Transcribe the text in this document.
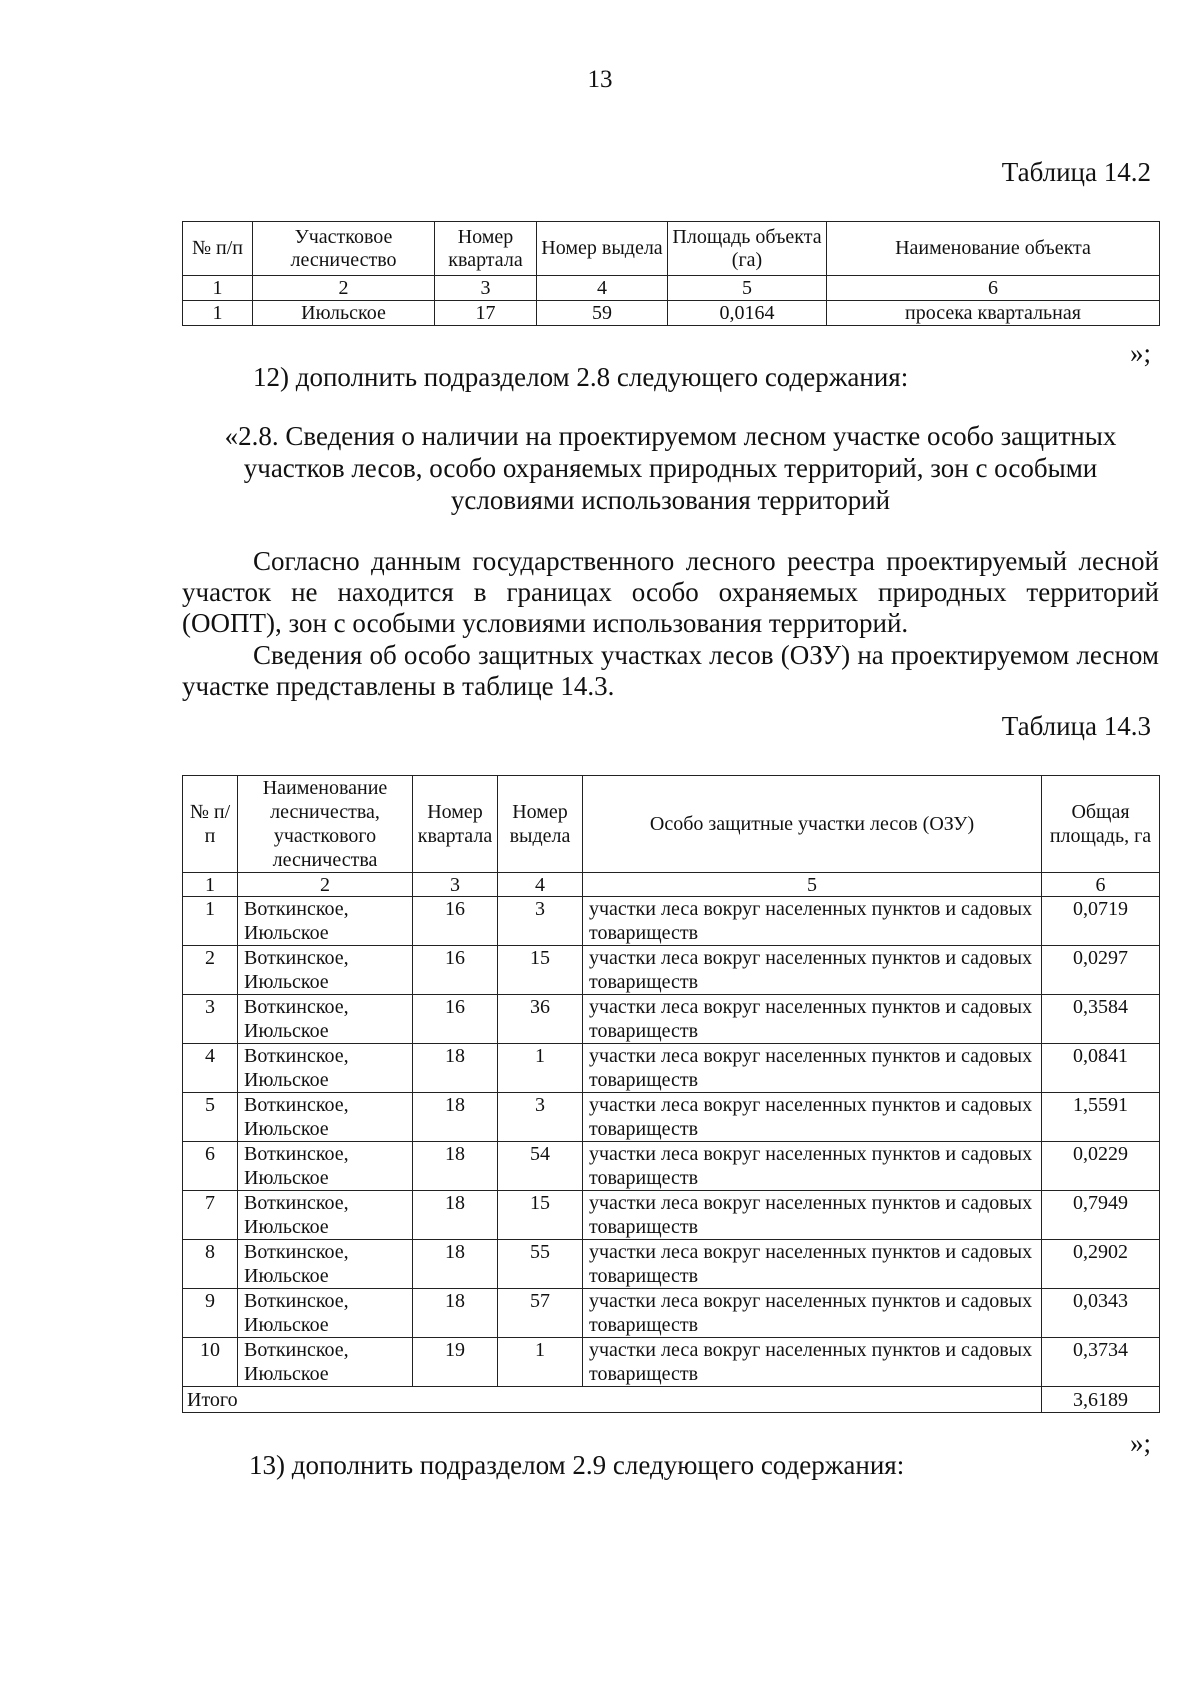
13
Таблица 14.2
№ п/п	Участковое лесничество	Номер квартала	Номер выдела	Площадь объекта (га)	Наименование объекта
1	2	3	4	5	6
1	Июльское	17	59	0,0164	просека квартальная
»;
12) дополнить подразделом 2.8 следующего содержания:
«2.8. Сведения о наличии на проектируемом лесном участке особо защитных участков лесов, особо охраняемых природных территорий, зон с особыми условиями использования территорий
Согласно данным государственного лесного реестра проектируемый лесной участок не находится в границах особо охраняемых природных территорий (ООПТ), зон с особыми условиями использования территорий.
Сведения об особо защитных участках лесов (ОЗУ) на проектируемом лесном участке представлены в таблице 14.3.
Таблица 14.3
№ п/п	Наименование лесничества, участкового лесничества	Номер квартала	Номер выдела	Особо защитные участки лесов (ОЗУ)	Общая площадь, га
1	2	3	4	5	6
1	Воткинское, Июльское	16	3	участки леса вокруг населенных пунктов и садовых товариществ	0,0719
2	Воткинское, Июльское	16	15	участки леса вокруг населенных пунктов и садовых товариществ	0,0297
3	Воткинское, Июльское	16	36	участки леса вокруг населенных пунктов и садовых товариществ	0,3584
4	Воткинское, Июльское	18	1	участки леса вокруг населенных пунктов и садовых товариществ	0,0841
5	Воткинское, Июльское	18	3	участки леса вокруг населенных пунктов и садовых товариществ	1,5591
6	Воткинское, Июльское	18	54	участки леса вокруг населенных пунктов и садовых товариществ	0,0229
7	Воткинское, Июльское	18	15	участки леса вокруг населенных пунктов и садовых товариществ	0,7949
8	Воткинское, Июльское	18	55	участки леса вокруг населенных пунктов и садовых товариществ	0,2902
9	Воткинское, Июльское	18	57	участки леса вокруг населенных пунктов и садовых товариществ	0,0343
10	Воткинское, Июльское	19	1	участки леса вокруг населенных пунктов и садовых товариществ	0,3734
Итого					3,6189
»;
13) дополнить подразделом 2.9 следующего содержания:
